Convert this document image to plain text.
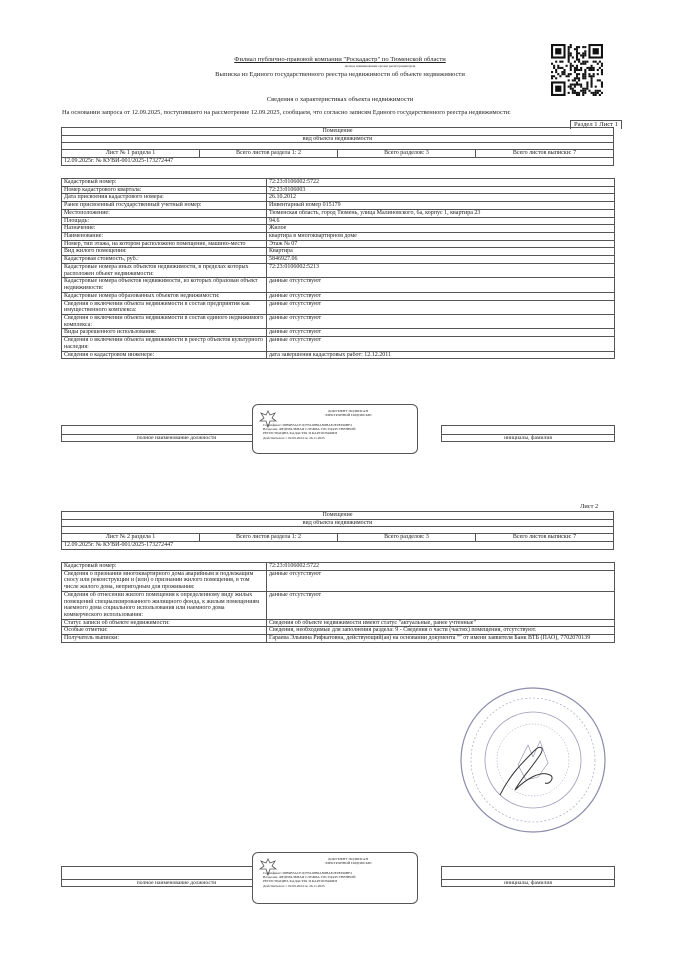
Филиал публично-правовой компании "Роскадастр" по Тюменской области
полное наименование органа регистрации прав
Выписка из Единого государственного реестра недвижимости об объекте недвижимости
Сведения о характеристиках объекта недвижимости
На основании запроса от 12.09.2025, поступившего на рассмотрение 12.09.2025, сообщаем, что согласно записям Единого государственного реестра недвижимости:
Раздел 1 Лист 1
Помещение
вид объекта недвижимости

Лист № 1 раздела 1	Всего листов раздела 1: 2	Всего разделов: 3	Всего листов выписки: 7
12.09.2025г. № КУВИ-001/2025-173272447
Кадастровый номер:	72:23:0106002:5722
Номер кадастрового квартала:	72:23:0106003
Дата присвоения кадастрового номера:	26.10.2012
Ранее присвоенный государственный учетный номер:	Инвентарный номер 015179
Местоположение:	Тюменская область, город Тюмень, улица Малиновского, 6а, корпус 1, квартира 23
Площадь:	94.6
Назначение:	Жилое
Наименование:	квартира в многоквартирном доме
Номер, тип этажа, на котором расположено помещение, машино-место	Этаж № 07
Вид жилого помещения:	Квартира
Кадастровая стоимость, руб.:	5846927.06
Кадастровые номера иных объектов недвижимости, в пределах которых расположен объект недвижимости:	72:23:0106002:5213
Кадастровые номера объектов недвижимости, из которых образован объект недвижимости:	данные отсутствуют
Кадастровые номера образованных объектов недвижимости:	данные отсутствуют
Сведения о включении объекта недвижимости в состав предприятия как имущественного комплекса:	данные отсутствуют
Сведения о включении объекта недвижимости в состав единого недвижимого комплекса:	данные отсутствуют
Виды разрешенного использования:	данные отсутствуют
Сведения о включении объекта недвижимости в реестр объектов культурного наследия:	данные отсутствуют
Сведения о кадастровом инженере:	дата завершения кадастровых работ: 12.12.2011

полное наименование должности		инициалы, фамилия
ДОКУМЕНТ ПОДПИСАН
ЭЛЕКТРОННОЙ ПОДПИСЬЮ
Сертификат: 00B9B3ACE1D7FA28B6A8DBAE2E0F490BF4
Владелец: ФЕДЕРАЛЬНАЯ СЛУЖБА ГОСУДАРСТВЕННОЙ
РЕГИСТРАЦИИ, КАДАСТРА И КАРТОГРАФИИ
Действителен: с 02.09.2024 по 26.11.2025
Лист 2
Помещение
вид объекта недвижимости

Лист № 2 раздела 1	Всего листов раздела 1: 2	Всего разделов: 3	Всего листов выписки: 7
12.09.2025г. № КУВИ-001/2025-173272447
Кадастровый номер:	72:23:0106002:5722
Сведения о признании многоквартирного дома аварийным и подлежащим сносу или реконструкции и (или) о признании жилого помещения, в том числе жилого дома, непригодным для проживания:	данные отсутствуют
Сведения об отнесении жилого помещения к определенному виду жилых помещений специализированного жилищного фонда, к жилым помещениям наемного дома социального использования или наемного дома коммерческого использования:	данные отсутствуют
Статус записи об объекте недвижимости:	Сведения об объекте недвижимости имеют статус "актуальные, ранее учтенные"
Особые отметки:	Сведения, необходимые для заполнения раздела: 9 - Сведения о части (частях) помещения, отсутствуют.
Получатель выписки:	Гараева Эльвина Рифкатовна, действующий(ая) на основании документа "" от имени заявителя Банк ВТБ (ПАО), 7702070139

полное наименование должности		инициалы, фамилия
ДОКУМЕНТ ПОДПИСАН
ЭЛЕКТРОННОЙ ПОДПИСЬЮ
Сертификат: 00B9B3ACE1D7FA28B6A8DBAE2E0F490BF4
Владелец: ФЕДЕРАЛЬНАЯ СЛУЖБА ГОСУДАРСТВЕННОЙ
РЕГИСТРАЦИИ, КАДАСТРА И КАРТОГРАФИИ
Действителен: с 02.09.2024 по 26.11.2025
